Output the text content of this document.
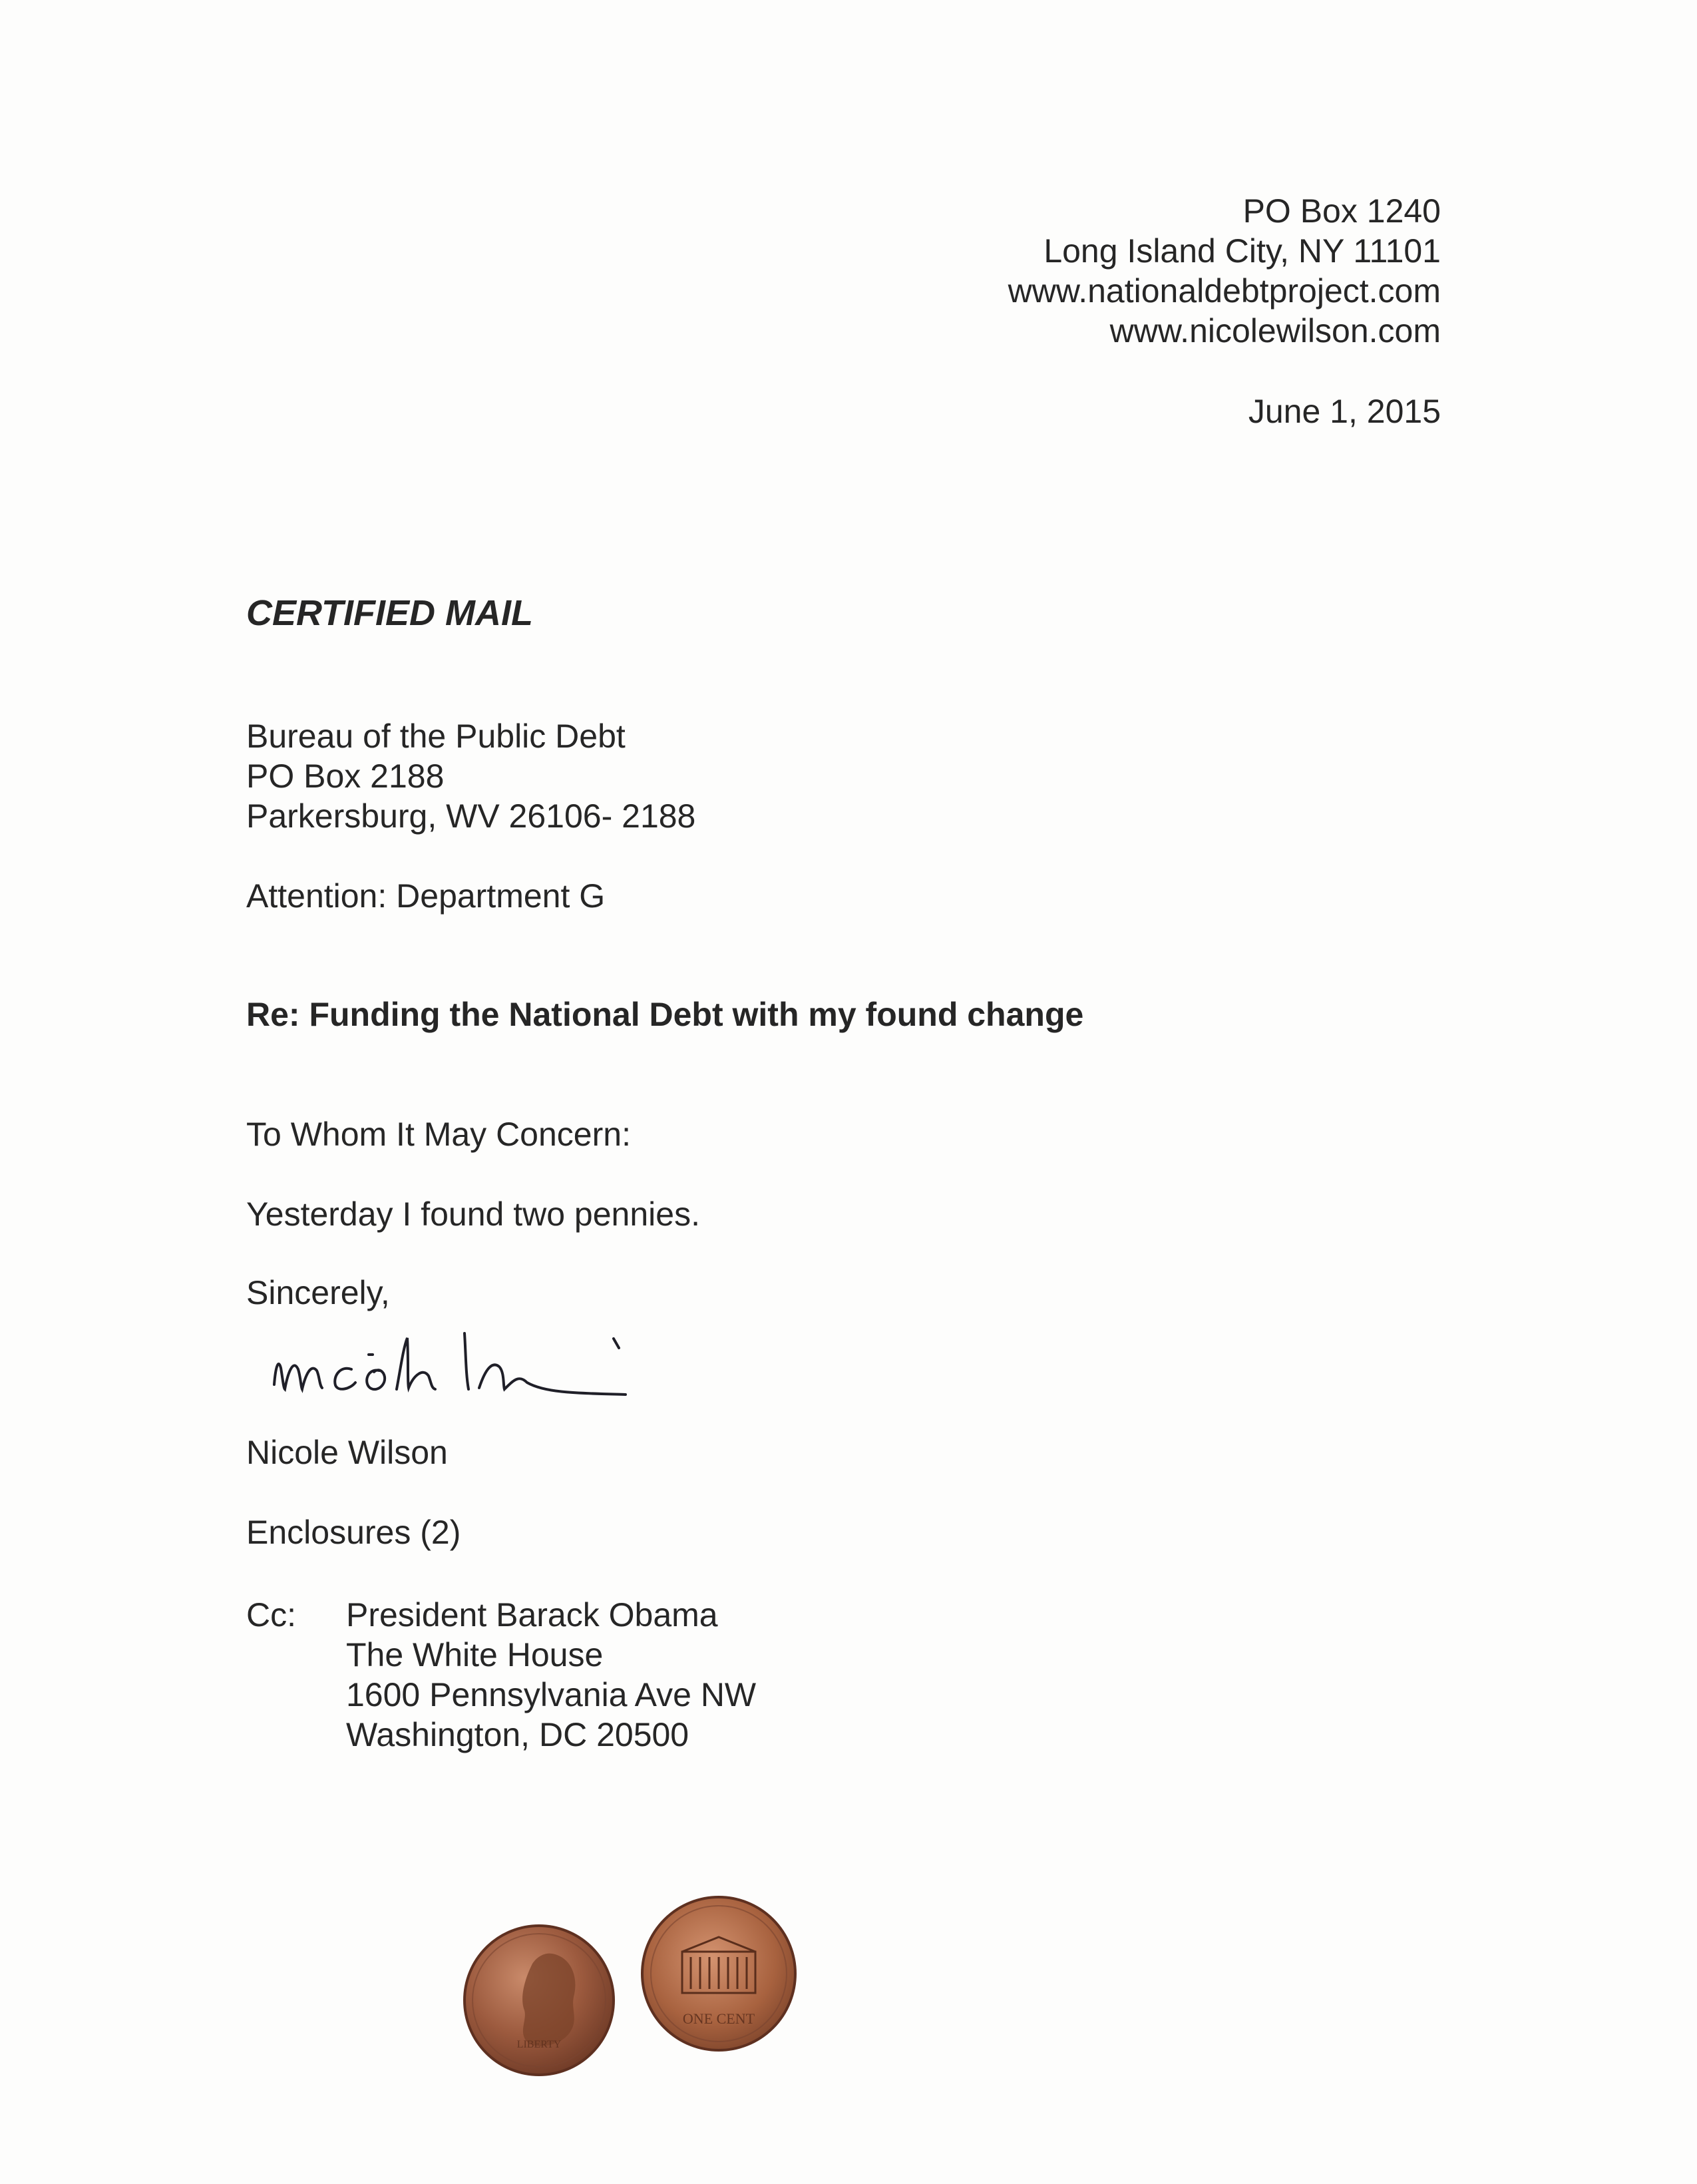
PO Box 1240
Long Island City, NY 11101
www.nationaldebtproject.com
www.nicolewilson.com
June 1, 2015
CERTIFIED MAIL
Bureau of the Public Debt
PO Box 2188
Parkersburg, WV 26106- 2188
Attention: Department G
Re: Funding the National Debt with my found change
To Whom It May Concern:
Yesterday I found two pennies.
Sincerely,
Nicole Wilson
Enclosures (2)
Cc: President Barack Obama
The White House
1600 Pennsylvania Ave NW
Washington, DC 20500
LIBERTY
ONE CENT
